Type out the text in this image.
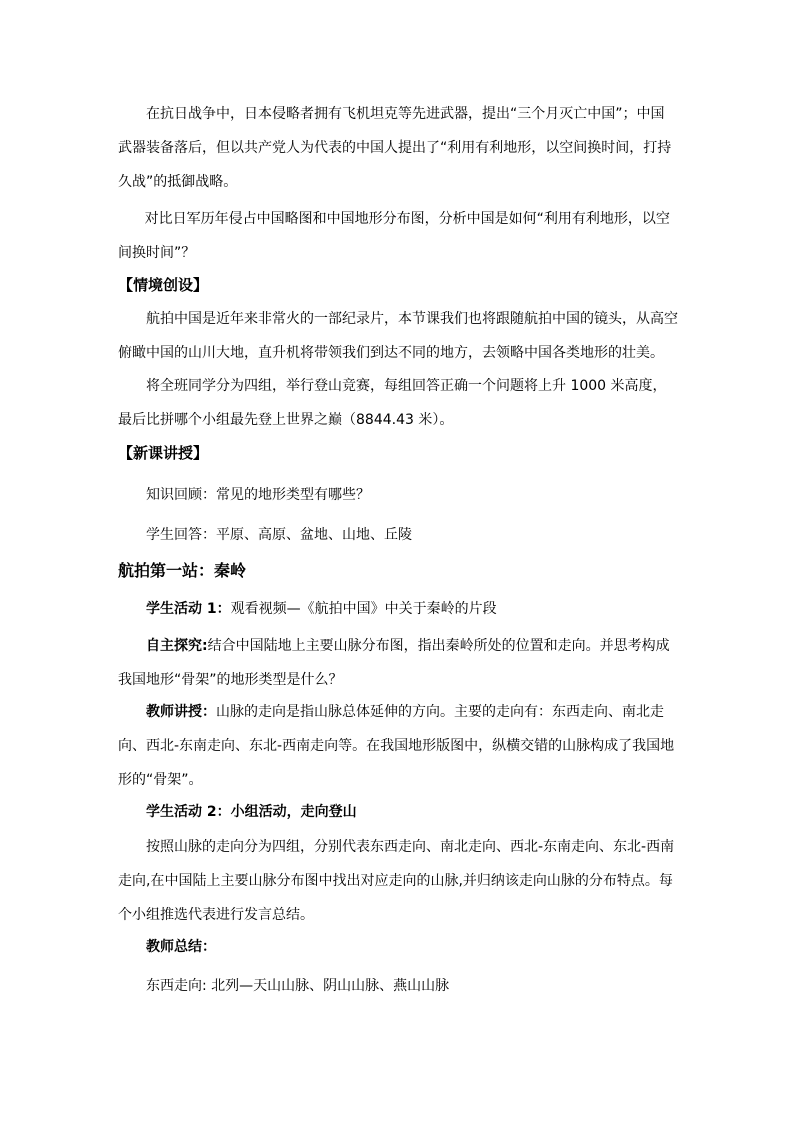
在抗日战争中，日本侵略者拥有飞机坦克等先进武器，提出“三个月灭亡中国”；中国武器装备落后，但以共产党人为代表的中国人提出了“利用有利地形，以空间换时间，打持久战”的抵御战略。

对比日军历年侵占中国略图和中国地形分布图，分析中国是如何“利用有利地形，以空间换时间”？

【情境创设】

航拍中国是近年来非常火的一部纪录片，本节课我们也将跟随航拍中国的镜头，从高空俯瞰中国的山川大地，直升机将带领我们到达不同的地方，去领略中国各类地形的壮美。

将全班同学分为四组，举行登山竞赛，每组回答正确一个问题将上升 1000 米高度，最后比拼哪个小组最先登上世界之巅（8844.43 米）。

【新课讲授】
知识回顾：常见的地形类型有哪些？
学生回答：平原、高原、盆地、山地、丘陵
航拍第一站：秦岭
学生活动 1：观看视频—《航拍中国》中关于秦岭的片段

自主探究:结合中国陆地上主要山脉分布图，指出秦岭所处的位置和走向。并思考构成我国地形“骨架”的地形类型是什么？

教师讲授：山脉的走向是指山脉总体延伸的方向。主要的走向有：东西走向、南北走向、西北-东南走向、东北-西南走向等。在我国地形版图中，纵横交错的山脉构成了我国地形的“骨架”。

学生活动 2：小组活动，走向登山

按照山脉的走向分为四组，分别代表东西走向、南北走向、西北-东南走向、东北-西南走向,在中国陆上主要山脉分布图中找出对应走向的山脉,并归纳该走向山脉的分布特点。每个小组推选代表进行发言总结。

教师总结：
东西走向: 北列—天山山脉、阴山山脉、燕山山脉
